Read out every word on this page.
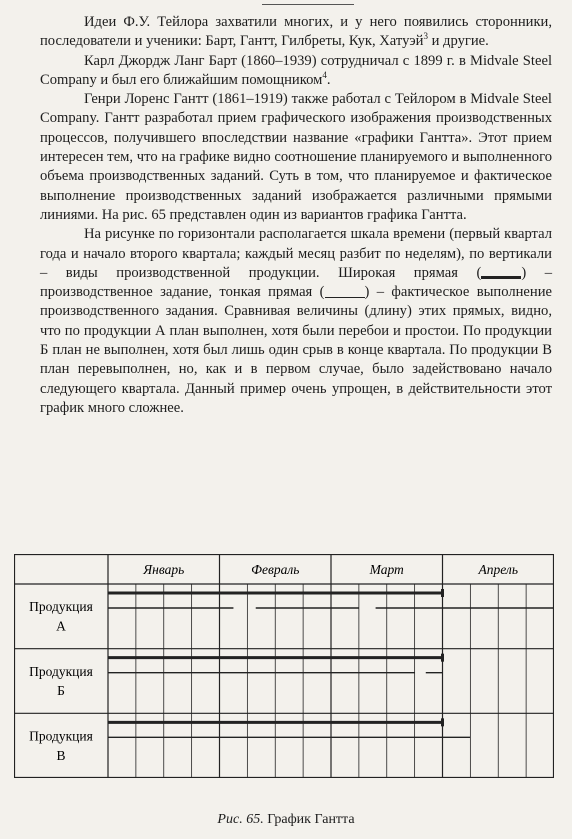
Идеи Ф.У. Тейлора захватили многих, и у него появились сторонники, последователи и ученики: Барт, Гантт, Гилбреты, Кук, Хатуэй$^3$ и другие.

Карл Джордж Ланг Барт (1860–1939) сотрудничал с 1899 г. в Midvale Steel Company и был его ближайшим помощником$^4$.

Генри Лоренс Гантт (1861–1919) также работал с Тейлором в Midvale Steel Company. Гантт разработал прием графического изображения производственных процессов, получившего впоследствии название «графики Гантта». Этот прием интересен тем, что на графике видно соотношение планируемого и выполненного объема производственных заданий. Суть в том, что планируемое и фактическое выполнение производственных заданий изображается различными прямыми линиями. На рис. 65 представлен один из вариантов графика Гантта.

На рисунке по горизонтали располагается шкала времени (первый квартал года и начало второго квартала; каждый месяц разбит по неделям), по вертикали – виды производственной продукции. Широкая прямая (	) – производственное задание, тонкая прямая (	) – фактическое выполнение производственного задания. Сравнивая величины (длину) этих прямых, видно, что по продукции А план выполнен, хотя были перебои и простои. По продукции Б план не выполнен, хотя был лишь один срыв в конце квартала. По продукции В план перевыполнен, но, как и в первом случае, было задействовано начало следующего квартала. Данный пример очень упрощен, в действительности этот график много сложнее.

Январь	Февраль	Март	Апрель
Продукция
А
Продукция
Б
Продукция
В
Рис. 65. График Гантта
